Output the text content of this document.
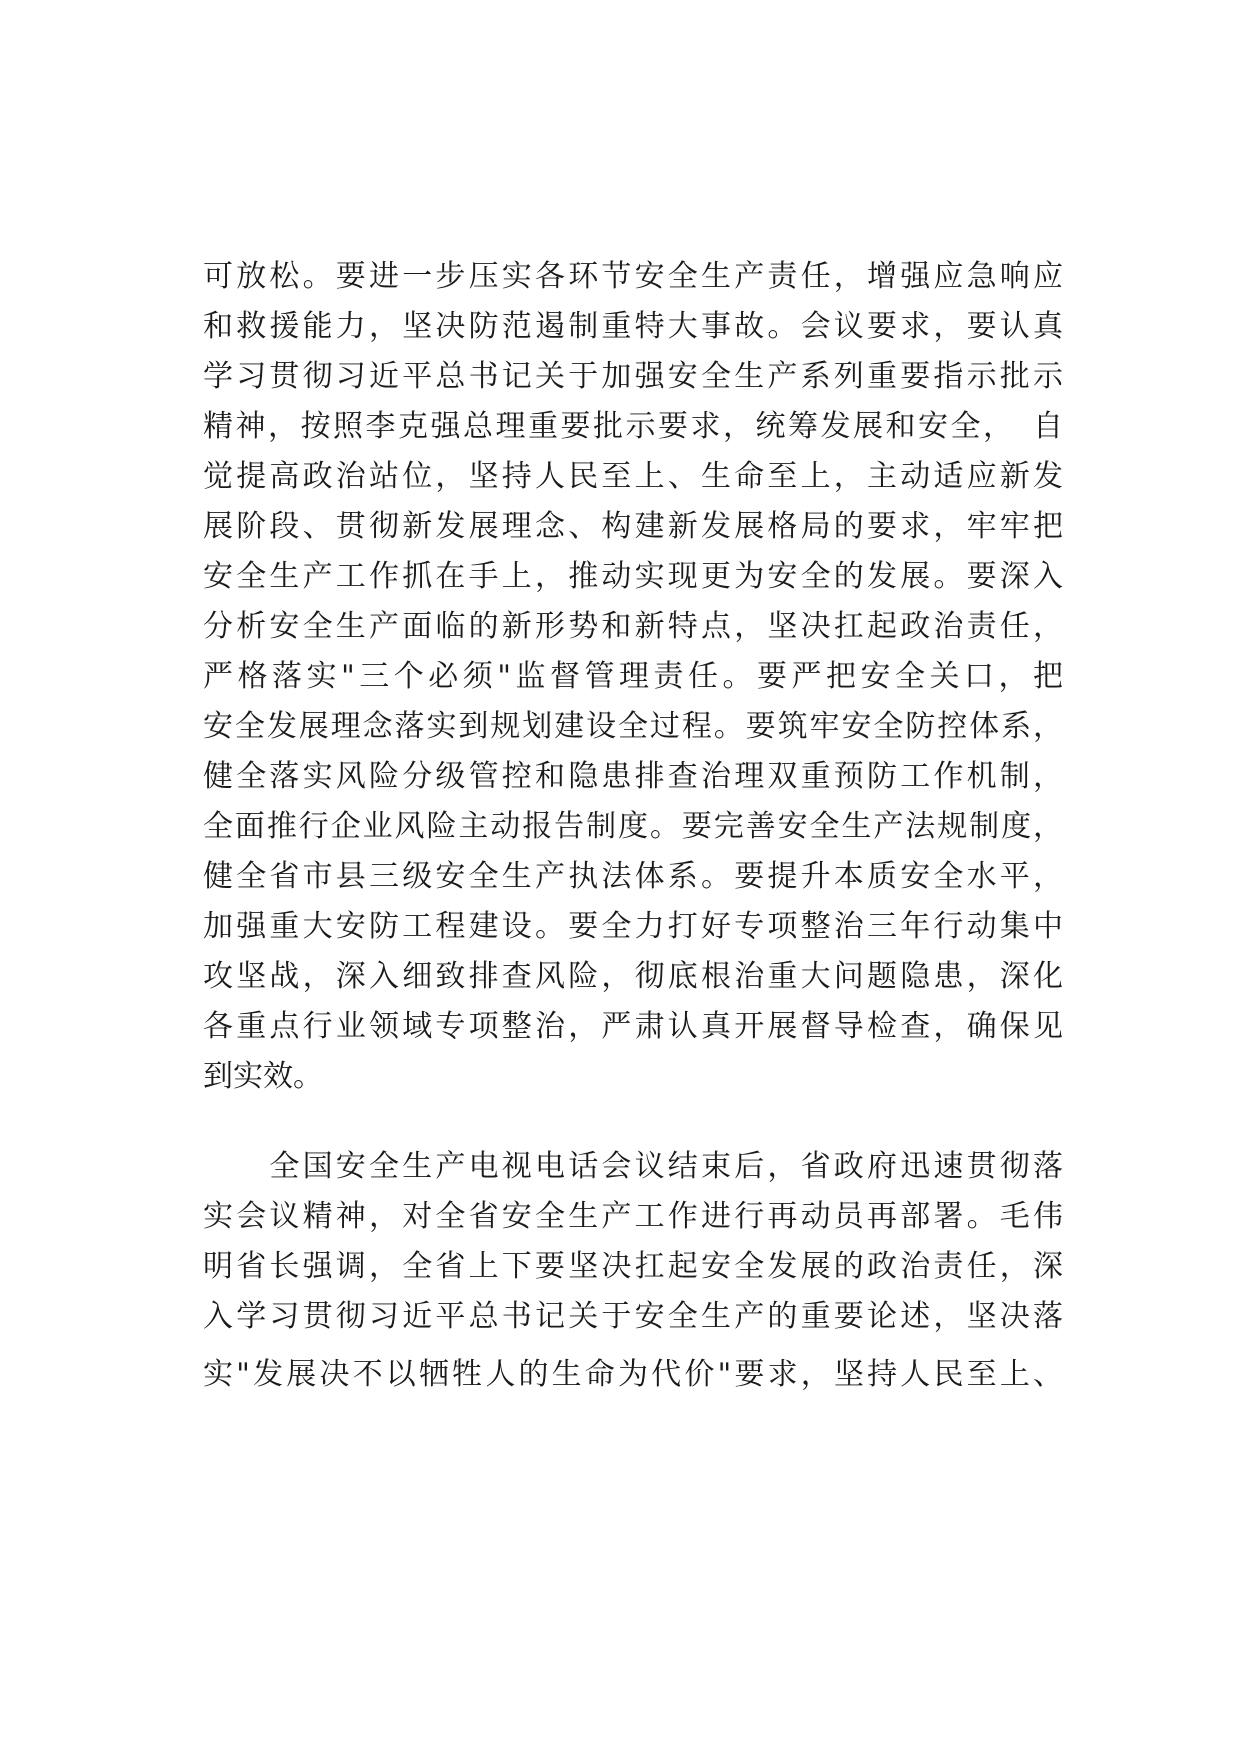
可放松。要进一步压实各环节安全生产责任，增强应急响应
和救援能力，坚决防范遏制重特大事故。会议要求，要认真
学习贯彻习近平总书记关于加强安全生产系列重要指示批示
精神，按照李克强总理重要批示要求，统筹发展和安全，　自
觉提高政治站位，坚持人民至上、生命至上，主动适应新发
展阶段、贯彻新发展理念、构建新发展格局的要求，牢牢把
安全生产工作抓在手上，推动实现更为安全的发展。要深入
分析安全生产面临的新形势和新特点，坚决扛起政治责任，
严格落实"三个必须"监督管理责任。要严把安全关口，把
安全发展理念落实到规划建设全过程。要筑牢安全防控体系，
健全落实风险分级管控和隐患排查治理双重预防工作机制，
全面推行企业风险主动报告制度。要完善安全生产法规制度，
健全省市县三级安全生产执法体系。要提升本质安全水平，
加强重大安防工程建设。要全力打好专项整治三年行动集中
攻坚战，深入细致排查风险，彻底根治重大问题隐患，深化
各重点行业领域专项整治，严肃认真开展督导检查，确保见
到实效。
　　全国安全生产电视电话会议结束后，省政府迅速贯彻落
实会议精神，对全省安全生产工作进行再动员再部署。毛伟
明省长强调，全省上下要坚决扛起安全发展的政治责任，深
入学习贯彻习近平总书记关于安全生产的重要论述，坚决落
实"发展决不以牺牲人的生命为代价"要求，坚持人民至上、
